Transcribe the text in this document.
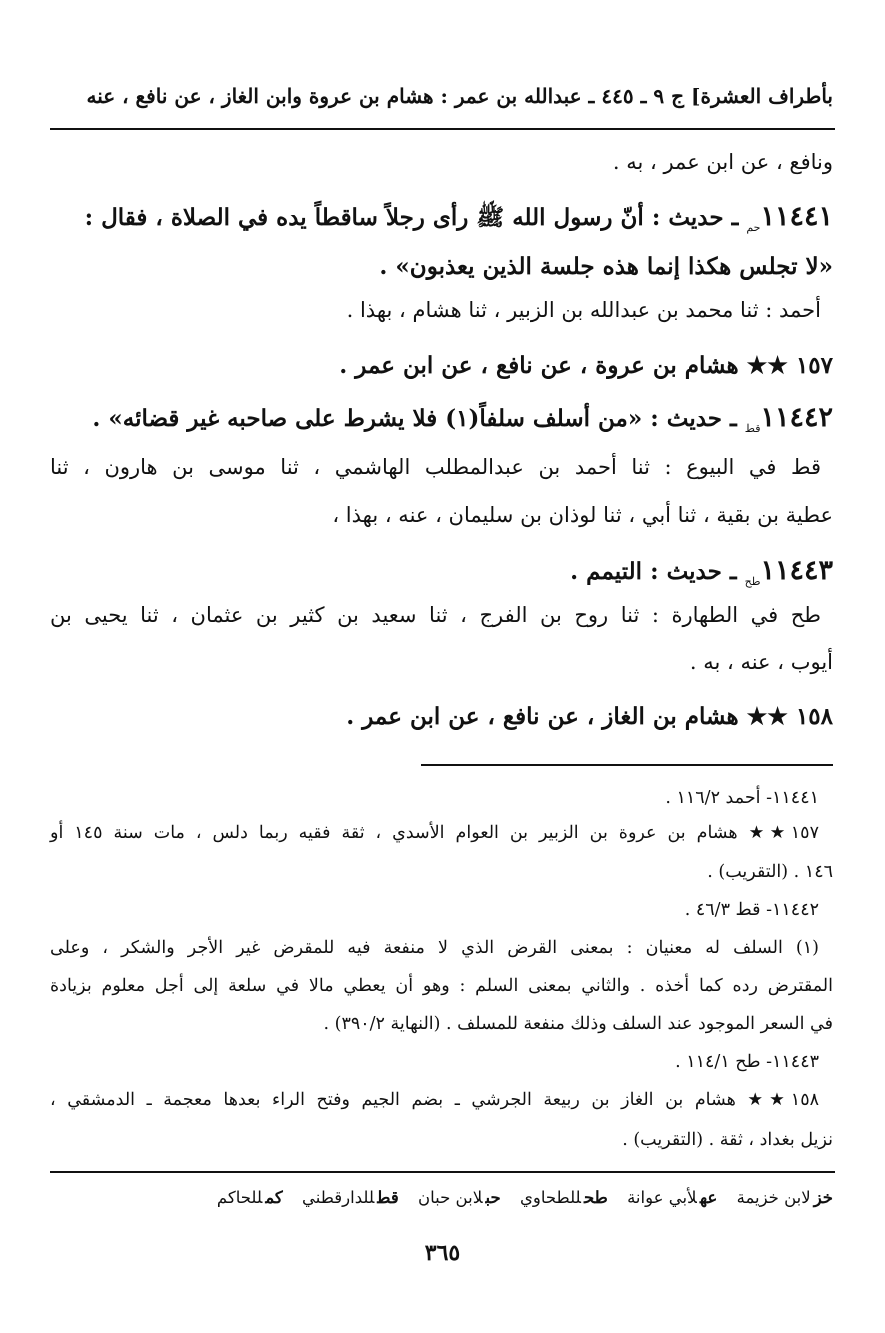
بأطراف العشرة] ج ٩ ـ ٤٤٥ ـ عبدالله بن عمر : هشام بن عروة وابن الغاز ، عن نافع ، عنه
ونافع ، عن ابن عمر ، به .
$١١٤٤١_{حم}$ ـ حديث : أنّ رسول الله ﷺ رأى رجلاً ساقطاً يده في الصلاة ، فقال :
«لا تجلس هكذا إنما هذه جلسة الذين يعذبون» .
أحمد : ثنا محمد بن عبدالله بن الزبير ، ثنا هشام ، بهذا .
١٥٧ ★★ هشام بن عروة ، عن نافع ، عن ابن عمر .
$١١٤٤٢_{قط}$ ـ حديث : «من أسلف سلفاً(١) فلا يشرط على صاحبه غير قضائه» .
قط في البيوع : ثنا أحمد بن عبدالمطلب الهاشمي ، ثنا موسى بن هارون ، ثنا
عطية بن بقية ، ثنا أبي ، ثنا لوذان بن سليمان ، عنه ، بهذا ،
$١١٤٤٣_{طح}$ ـ حديث : التيمم .
طح في الطهارة : ثنا روح بن الفرج ، ثنا سعيد بن كثير بن عثمان ، ثنا يحيى بن
أيوب ، عنه ، به .
١٥٨ ★★ هشام بن الغاز ، عن نافع ، عن ابن عمر .
١١٤٤١- أحمد ١١٦/٢ .
١٥٧★★ هشام بن عروة بن الزبير بن العوام الأسدي ، ثقة فقيه ربما دلس ، مات سنة ١٤٥ أو
١٤٦ . (التقريب) .
١١٤٤٢- قط ٤٦/٣ .
(١) السلف له معنيان : بمعنى القرض الذي لا منفعة فيه للمقرض غير الأجر والشكر ، وعلى
المقترض رده كما أخذه . والثاني بمعنى السلم : وهو أن يعطي مالا في سلعة إلى أجل معلوم بزيادة
في السعر الموجود عند السلف وذلك منفعة للمسلف . (النهاية ٣٩٠/٢) .
١١٤٤٣- طح ١١٤/١ .
١٥٨★★ هشام بن الغاز بن ربيعة الجرشي ـ بضم الجيم وفتح الراء بعدها معجمة ـ الدمشقي ،
نزيل بغداد ، ثقة . (التقريب) .
خزلابن خزيمة عهلأبي عوانة طحللطحاوي حبلابن حبان قطللدارقطني كمللحاكم
٣٦٥
